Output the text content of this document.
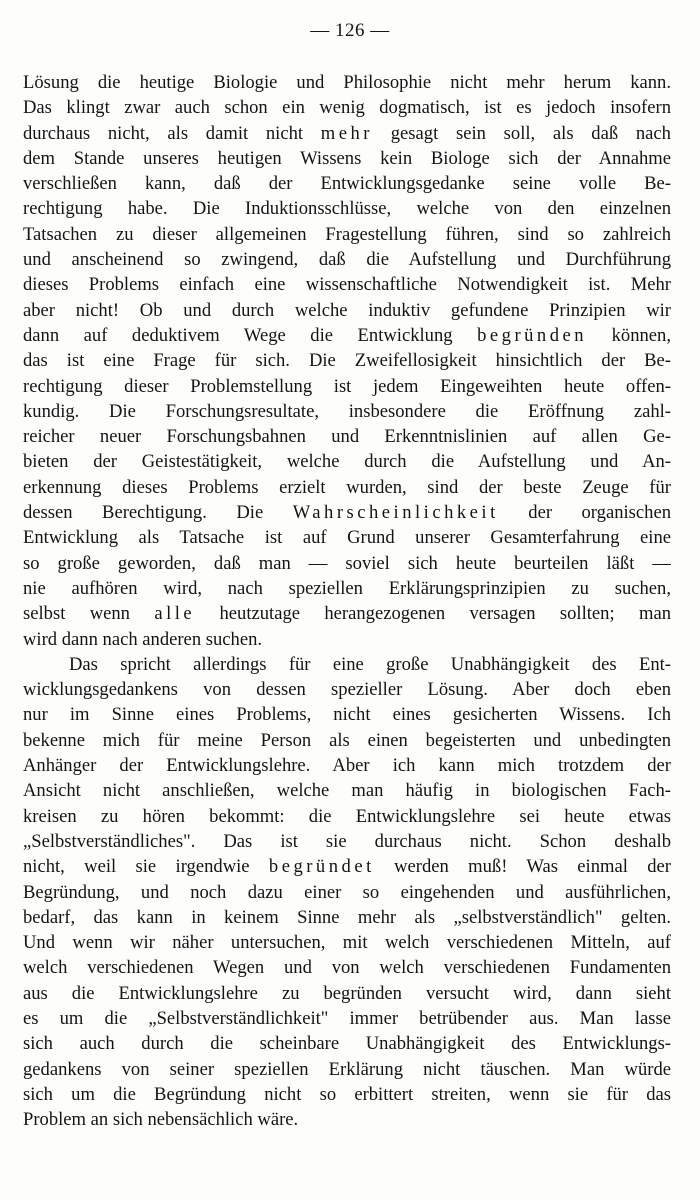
— 126 —
Lösung die heutige Biologie und Philosophie nicht mehr herum kann.
Das klingt zwar auch schon ein wenig dogmatisch, ist es jedoch insofern
durchaus nicht, als damit nicht mehr gesagt sein soll, als daß nach
dem Stande unseres heutigen Wissens kein Biologe sich der Annahme
verschließen kann, daß der Entwicklungsgedanke seine volle Be-
rechtigung habe. Die Induktionsschlüsse, welche von den einzelnen
Tatsachen zu dieser allgemeinen Fragestellung führen, sind so zahlreich
und anscheinend so zwingend, daß die Aufstellung und Durchführung
dieses Problems einfach eine wissenschaftliche Notwendigkeit ist. Mehr
aber nicht! Ob und durch welche induktiv gefundene Prinzipien wir
dann auf deduktivem Wege die Entwicklung begründen können,
das ist eine Frage für sich. Die Zweifellosigkeit hinsichtlich der Be-
rechtigung dieser Problemstellung ist jedem Eingeweihten heute offen-
kundig. Die Forschungsresultate, insbesondere die Eröffnung zahl-
reicher neuer Forschungsbahnen und Erkenntnislinien auf allen Ge-
bieten der Geistestätigkeit, welche durch die Aufstellung und An-
erkennung dieses Problems erzielt wurden, sind der beste Zeuge für
dessen Berechtigung. Die Wahrscheinlichkeit der organischen
Entwicklung als Tatsache ist auf Grund unserer Gesamterfahrung eine
so große geworden, daß man — soviel sich heute beurteilen läßt —
nie aufhören wird, nach speziellen Erklärungsprinzipien zu suchen,
selbst wenn alle heutzutage herangezogenen versagen sollten; man
wird dann nach anderen suchen.
Das spricht allerdings für eine große Unabhängigkeit des Ent-
wicklungsgedankens von dessen spezieller Lösung. Aber doch eben
nur im Sinne eines Problems, nicht eines gesicherten Wissens. Ich
bekenne mich für meine Person als einen begeisterten und unbedingten
Anhänger der Entwicklungslehre. Aber ich kann mich trotzdem der
Ansicht nicht anschließen, welche man häufig in biologischen Fach-
kreisen zu hören bekommt: die Entwicklungslehre sei heute etwas
„Selbstverständliches". Das ist sie durchaus nicht. Schon deshalb
nicht, weil sie irgendwie begründet werden muß! Was einmal der
Begründung, und noch dazu einer so eingehenden und ausführlichen,
bedarf, das kann in keinem Sinne mehr als „selbstverständlich" gelten.
Und wenn wir näher untersuchen, mit welch verschiedenen Mitteln, auf
welch verschiedenen Wegen und von welch verschiedenen Fundamenten
aus die Entwicklungslehre zu begründen versucht wird, dann sieht
es um die „Selbstverständlichkeit" immer betrübender aus. Man lasse
sich auch durch die scheinbare Unabhängigkeit des Entwicklungs-
gedankens von seiner speziellen Erklärung nicht täuschen. Man würde
sich um die Begründung nicht so erbittert streiten, wenn sie für das
Problem an sich nebensächlich wäre.
